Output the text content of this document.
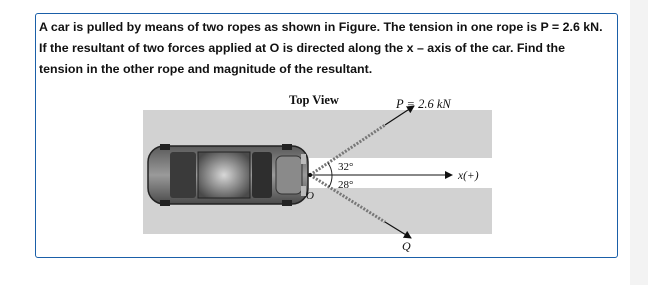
A car is pulled by means of two ropes as shown in Figure. The tension in one rope is P = 2.6 kN.
If the resultant of two forces applied at O is directed along the x – axis of the car. Find the
tension in the other rope and magnitude of the resultant.

Top View	P = 2.6 kN
32°
28°
O
x(+)
Q
